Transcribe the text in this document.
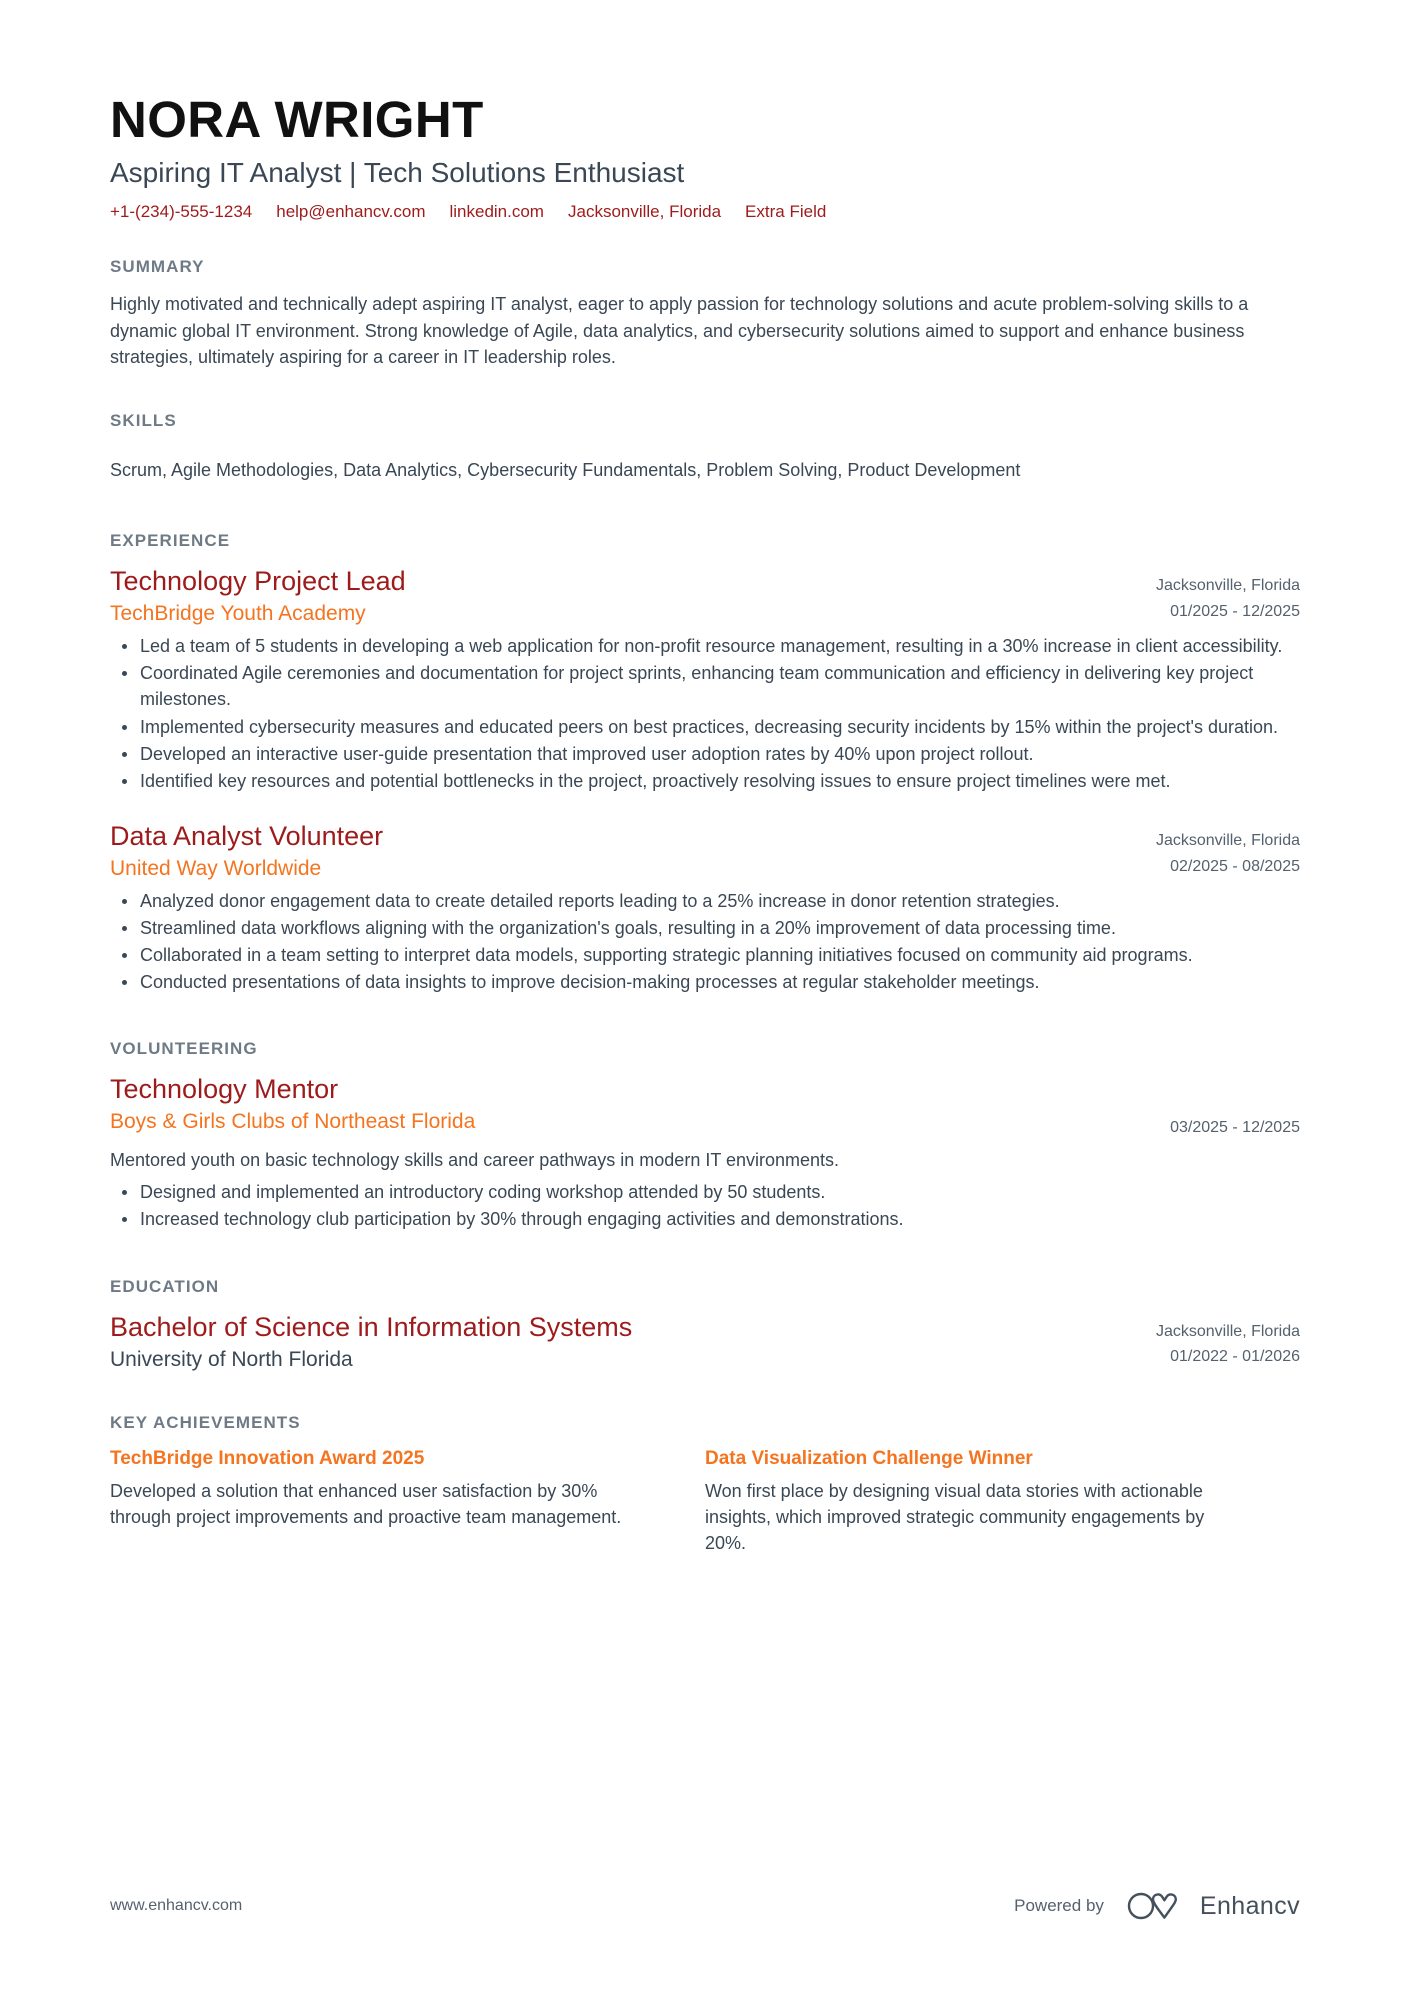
NORA WRIGHT
Aspiring IT Analyst | Tech Solutions Enthusiast
+1-(234)-555-1234 help@enhancv.com linkedin.com Jacksonville, Florida Extra Field
SUMMARY

Highly motivated and technically adept aspiring IT analyst, eager to apply passion for technology solutions and acute problem-solving skills to a dynamic global IT environment. Strong knowledge of Agile, data analytics, and cybersecurity solutions aimed to support and enhance business strategies, ultimately aspiring for a career in IT leadership roles.

SKILLS

Scrum, Agile Methodologies, Data Analytics, Cybersecurity Fundamentals, Problem Solving, Product Development

EXPERIENCE
Technology Project Lead
TechBridge Youth Academy
Jacksonville, Florida
01/2025 - 12/2025
Led a team of 5 students in developing a web application for non-profit resource management, resulting in a 30% increase in client accessibility.
Coordinated Agile ceremonies and documentation for project sprints, enhancing team communication and efficiency in delivering key project milestones.
Implemented cybersecurity measures and educated peers on best practices, decreasing security incidents by 15% within the project's duration.
Developed an interactive user-guide presentation that improved user adoption rates by 40% upon project rollout.
Identified key resources and potential bottlenecks in the project, proactively resolving issues to ensure project timelines were met.
Data Analyst Volunteer
United Way Worldwide
Jacksonville, Florida
02/2025 - 08/2025
Analyzed donor engagement data to create detailed reports leading to a 25% increase in donor retention strategies.
Streamlined data workflows aligning with the organization's goals, resulting in a 20% improvement of data processing time.
Collaborated in a team setting to interpret data models, supporting strategic planning initiatives focused on community aid programs.
Conducted presentations of data insights to improve decision-making processes at regular stakeholder meetings.
VOLUNTEERING
Technology Mentor
Boys & Girls Clubs of Northeast Florida	03/2025 - 12/2025

Mentored youth on basic technology skills and career pathways in modern IT environments.

Designed and implemented an introductory coding workshop attended by 50 students.
Increased technology club participation by 30% through engaging activities and demonstrations.
EDUCATION
Bachelor of Science in Information Systems
University of North Florida
Jacksonville, Florida
01/2022 - 01/2026
KEY ACHIEVEMENTS
TechBridge Innovation Award 2025

Developed a solution that enhanced user satisfaction by 30% through project improvements and proactive team management.

Data Visualization Challenge Winner

Won first place by designing visual data stories with actionable insights, which improved strategic community engagements by 20%.

www.enhancv.com	Powered by	Enhancv
